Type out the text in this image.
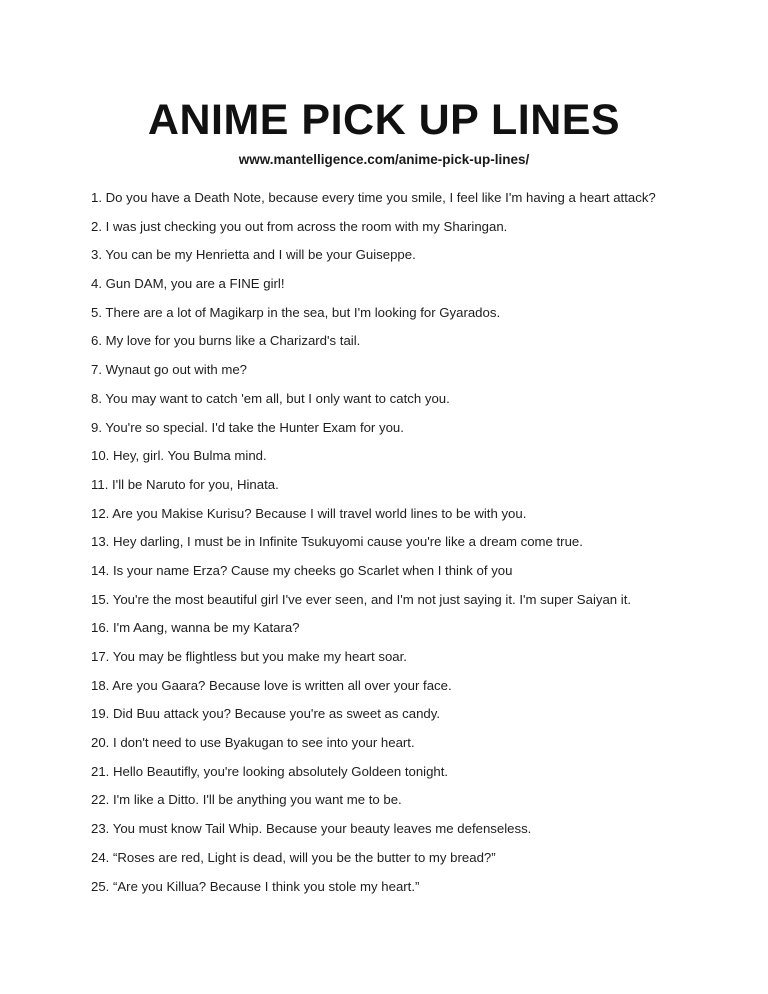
ANIME PICK UP LINES

www.mantelligence.com/anime-pick-up-lines/

1. Do you have a Death Note, because every time you smile, I feel like I'm having a heart attack?
2. I was just checking you out from across the room with my Sharingan.
3. You can be my Henrietta and I will be your Guiseppe.
4. Gun DAM, you are a FINE girl!
5. There are a lot of Magikarp in the sea, but I'm looking for Gyarados.
6. My love for you burns like a Charizard's tail.
7. Wynaut go out with me?
8. You may want to catch 'em all, but I only want to catch you.
9. You're so special. I'd take the Hunter Exam for you.
10. Hey, girl. You Bulma mind.
11. I'll be Naruto for you, Hinata.
12. Are you Makise Kurisu? Because I will travel world lines to be with you.
13. Hey darling, I must be in Infinite Tsukuyomi cause you're like a dream come true.
14. Is your name Erza? Cause my cheeks go Scarlet when I think of you
15. You're the most beautiful girl I've ever seen, and I'm not just saying it. I'm super Saiyan it.
16. I'm Aang, wanna be my Katara?
17. You may be flightless but you make my heart soar.
18. Are you Gaara? Because love is written all over your face.
19. Did Buu attack you? Because you're as sweet as candy.
20. I don't need to use Byakugan to see into your heart.
21. Hello Beautifly, you're looking absolutely Goldeen tonight.
22. I'm like a Ditto. I'll be anything you want me to be.
23. You must know Tail Whip. Because your beauty leaves me defenseless.
24. “Roses are red, Light is dead, will you be the butter to my bread?”
25. “Are you Killua? Because I think you stole my heart.”
